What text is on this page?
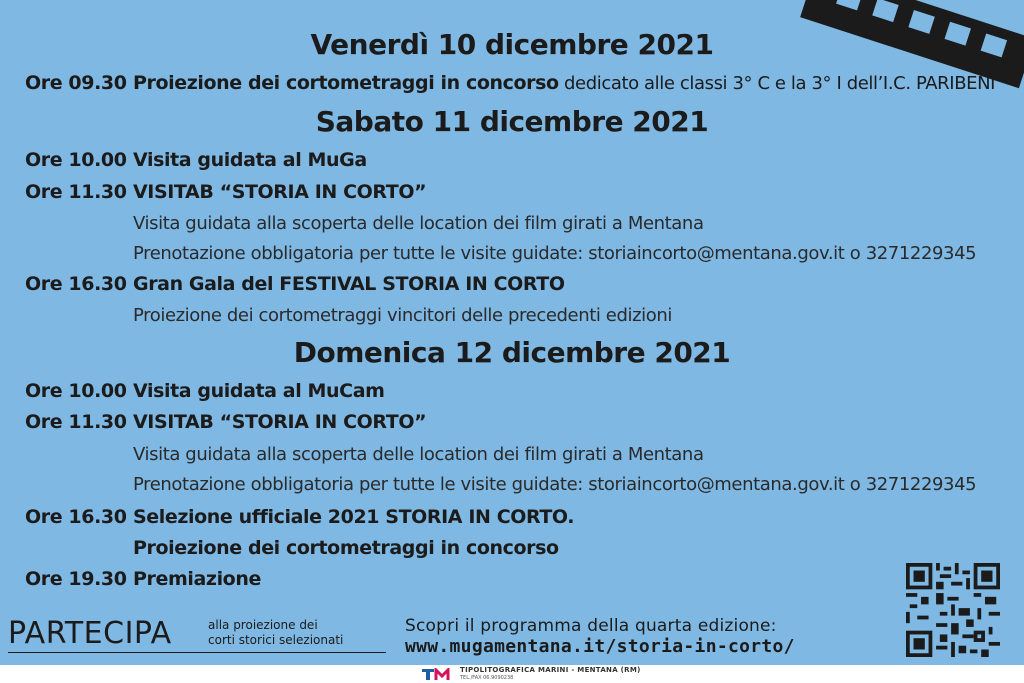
Venerdì 10 dicembre 2021
Ore 09.30 Proiezione dei cortometraggi in concorso dedicato alle classi 3° C e la 3° I dell’I.C. PARIBENI
Sabato 11 dicembre 2021
Ore 10.00 Visita guidata al MuGa
Ore 11.30 VISITAB “STORIA IN CORTO”
Visita guidata alla scoperta delle location dei film girati a Mentana
Prenotazione obbligatoria per tutte le visite guidate: storiaincorto@mentana.gov.it o 3271229345
Ore 16.30 Gran Gala del FESTIVAL STORIA IN CORTO
Proiezione dei cortometraggi vincitori delle precedenti edizioni
Domenica 12 dicembre 2021
Ore 10.00 Visita guidata al MuCam
Ore 11.30 VISITAB “STORIA IN CORTO”
Visita guidata alla scoperta delle location dei film girati a Mentana
Prenotazione obbligatoria per tutte le visite guidate: storiaincorto@mentana.gov.it o 3271229345
Ore 16.30 Selezione ufficiale 2021 STORIA IN CORTO.
Proiezione dei cortometraggi in concorso
Ore 19.30 Premiazione
PARTECIPA	alla proiezione dei
corti storici selezionati
Scopri il programma della quarta edizione:
www.mugamentana.it/storia-in-corto/
TIPOLITOGRAFICA MARINI - MENTANA (RM)
TEL./FAX 06.9090238
